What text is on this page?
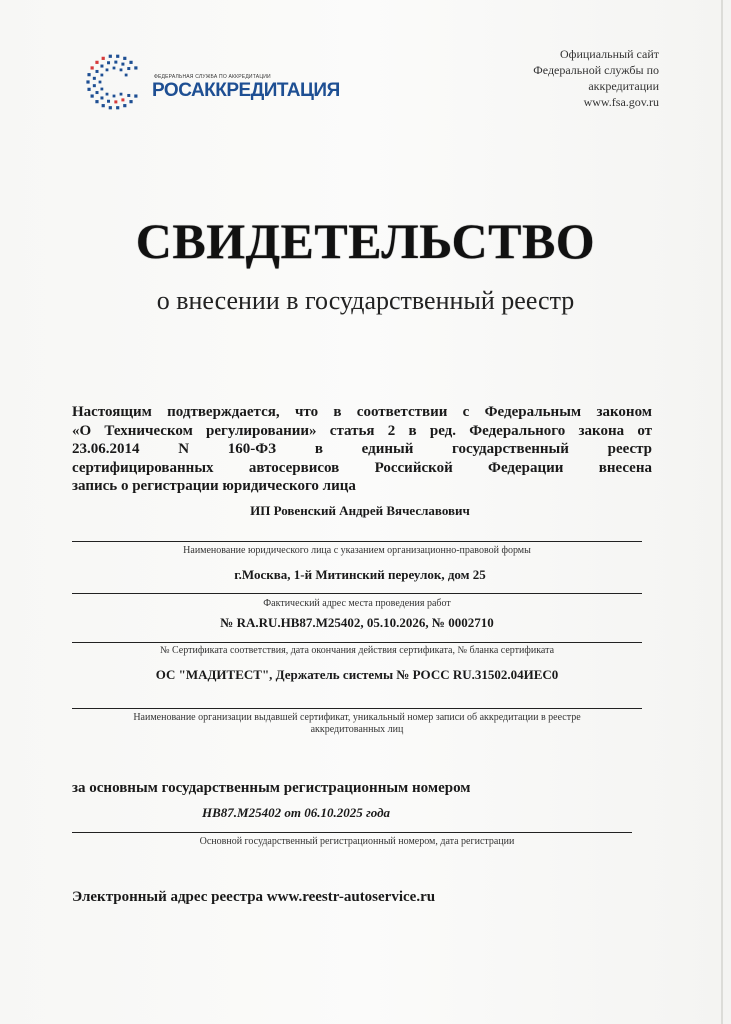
ФЕДЕРАЛЬНАЯ СЛУЖБА ПО АККРЕДИТАЦИИ
РОСАККРЕДИТАЦИЯ
Официальный сайт
Федеральной службы по
аккредитации
www.fsa.gov.ru
СВИДЕТЕЛЬСТВО
о внесении в государственный реестр
Настоящим подтверждается, что в соответствии с Федеральным законом
«О Техническом регулировании» статья 2 в ред. Федерального закона от
23.06.2014 N 160-ФЗ в единый государственный реестр
сертифицированных автосервисов Российской Федерации внесена
запись о регистрации юридического лица
ИП Ровенский Андрей Вячеславович
Наименование юридического лица с указанием организационно-правовой формы
г.Москва, 1-й Митинский переулок, дом 25
Фактический адрес места проведения работ
№ RA.RU.HB87.M25402, 05.10.2026, № 0002710
№ Сертификата соответствия, дата окончания действия сертификата, № бланка сертификата
ОС "МАДИТЕСТ", Держатель системы № РОСС RU.31502.04ИЕС0
Наименование организации выдавшей сертификат, уникальный номер записи об аккредитации в реестре
аккредитованных лиц
за основным государственным регистрационным номером
HB87.M25402 от 06.10.2025 года
Основной государственный регистрационный номером, дата регистрации
Электронный адрес реестра www.reestr-autoservice.ru
